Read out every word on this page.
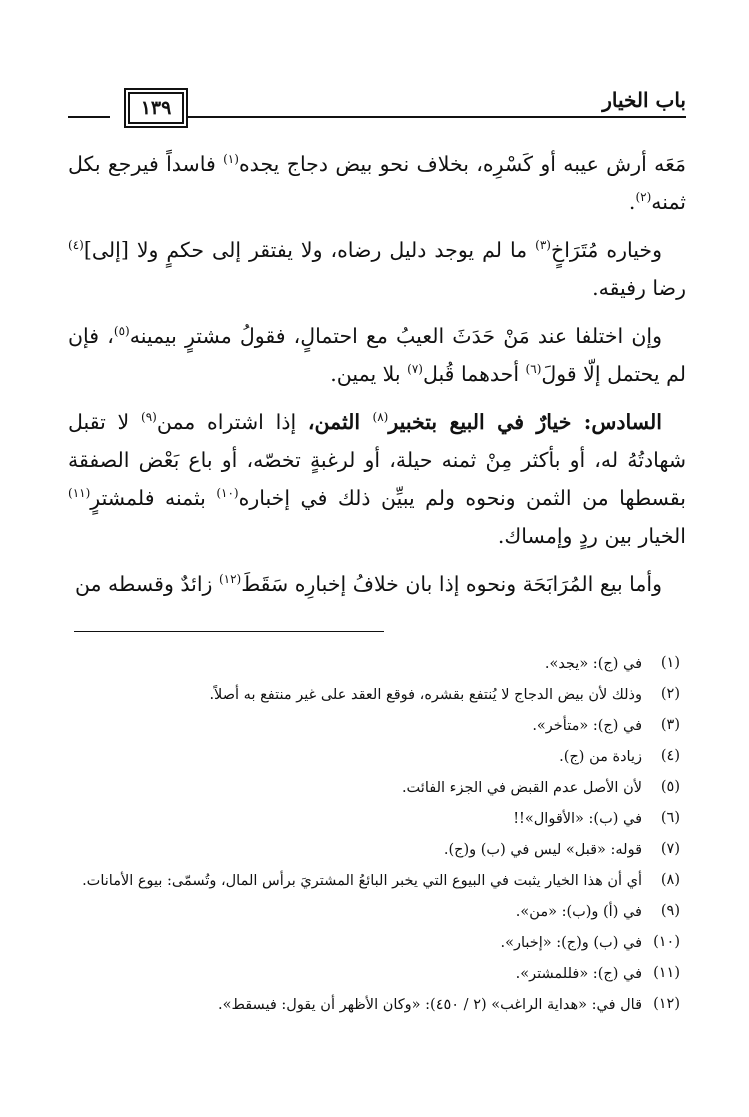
باب الخيار
١٣٩

مَعَه أرش عيبه أو كَسْرِه، بخلاف نحو بيض دجاج يجده$^{(١)}$ فاسداً فيرجع بكل ثمنه$^{(٢)}$.

وخياره مُتَرَاخٍ$^{(٣)}$ ما لم يوجد دليل رضاه، ولا يفتقر إلى حكمٍ ولا [إلى]$^{(٤)}$ رضا رفيقه.

وإن اختلفا عند مَنْ حَدَثَ العيبُ مع احتمالٍ، فقولُ مشترٍ بيمينه$^{(٥)}$، فإن لم يحتمل إلّا قولَ$^{(٦)}$ أحدهما قُبل$^{(٧)}$ بلا يمين.

السادس: خيارٌ في البيع بتخبير$^{(٨)}$ الثمن، إذا اشتراه ممن$^{(٩)}$ لا تقبل شهادتُهُ له، أو بأكثر مِنْ ثمنه حيلة، أو لرغبةٍ تخصّه، أو باع بَعْض الصفقة بقسطها من الثمن ونحوه ولم يبيِّن ذلك في إخباره$^{(١٠)}$ بثمنه فلمشترٍ$^{(١١)}$ الخيار بين ردٍ وإمساك.

وأما بيع المُرَابَحَة ونحوه إذا بان خلافُ إخبارِه سَقَطَ$^{(١٢)}$ زائدٌ وقسطه من

(١)
في (ج): «يجد».
(٢)
وذلك لأن بيض الدجاج لا يُنتفع بقشره، فوقع العقد على غير منتفع به أصلاً.
(٣)
في (ج): «متأخر».
(٤)
زيادة من (ج).
(٥)
لأن الأصل عدم القبض في الجزء الفائت.
(٦)
في (ب): «الأقوال»!!
(٧)
قوله: «قبل» ليس في (ب) و(ج).
(٨)
أي أن هذا الخيار يثبت في البيوع التي يخبر البائعُ المشتريَ برأس المال، وتُسمّى: بيوع الأمانات.
(٩)
في (أ) و(ب): «من».
(١٠)
في (ب) و(ج): «إخبار».
(١١)
في (ج): «فللمشتر».
(١٢)
قال في: «هداية الراغب» (٢ / ٤٥٠): «وكان الأظهر أن يقول: فيسقط».
